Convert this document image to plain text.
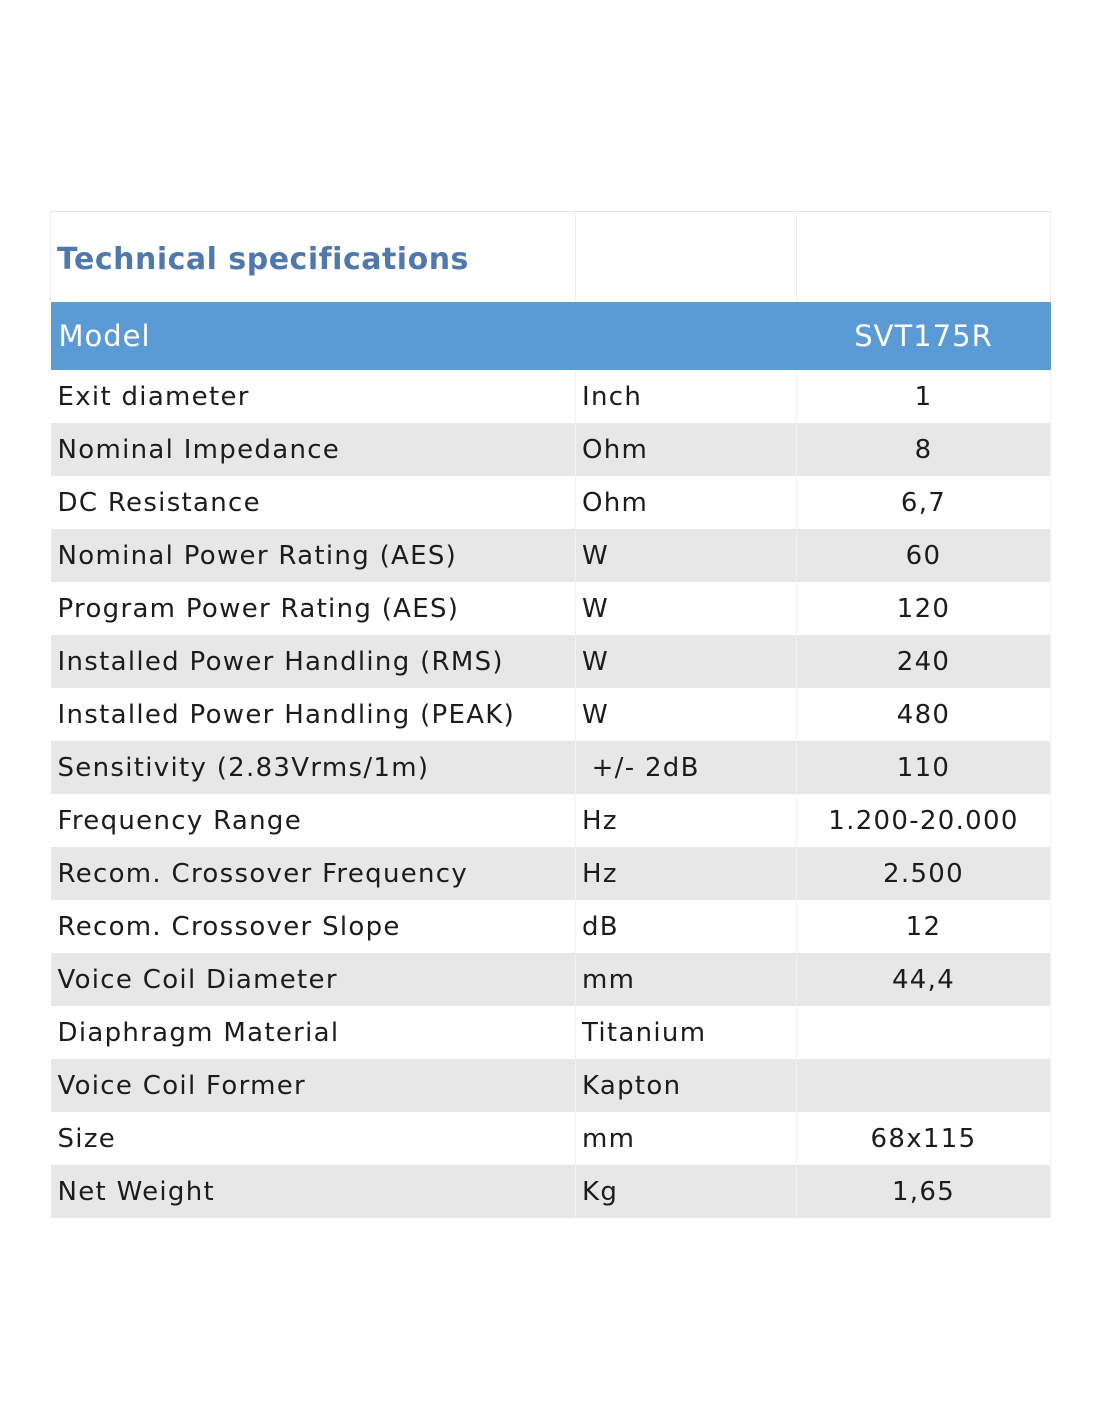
Technical specifications		
Model		SVT175R
Exit diameter	Inch	1
Nominal Impedance	Ohm	8
DC Resistance	Ohm	6,7
Nominal Power Rating (AES)	W	60
Program Power Rating (AES)	W	120
Installed Power Handling (RMS)	W	240
Installed Power Handling (PEAK)	W	480
Sensitivity (2.83Vrms/1m)	+/- 2dB	110
Frequency Range	Hz	1.200-20.000
Recom. Crossover Frequency	Hz	2.500
Recom. Crossover Slope	dB	12
Voice Coil Diameter	mm	44,4
Diaphragm Material	Titanium	
Voice Coil Former	Kapton	
Size	mm	68x115
Net Weight	Kg	1,65
